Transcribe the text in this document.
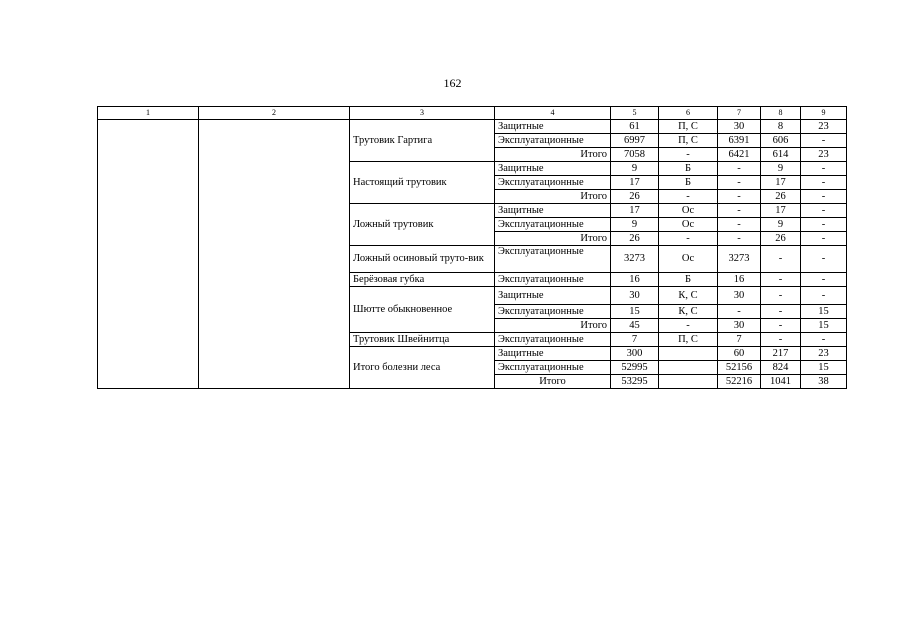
162
1	2	3	4	5	6	7	8	9
		Трутовик Гартига	Защитные	61	П, С	30	8	23
			Эксплуатационные	6997	П, С	6391	606	-
			Итого	7058	-	6421	614	23
		Настоящий трутовик	Защитные	9	Б	-	9	-
			Эксплуатационные	17	Б	-	17	-
			Итого	26	-	-	26	-
		Ложный трутовик	Защитные	17	Ос	-	17	-
			Эксплуатационные	9	Ос	-	9	-
			Итого	26	-	-	26	-
		Ложный осиновый труто-вик	Эксплуатационные	3273	Ос	3273	-	-
		Берёзовая губка	Эксплуатационные	16	Б	16	-	-
		Шютте обыкновенное	Защитные	30	К, С	30	-	-
			Эксплуатационные	15	К, С	-	-	15
			Итого	45	-	30	-	15
		Трутовик Швейнитца	Эксплуатационные	7	П, С	7	-	-
		Итого болезни леса	Защитные	300		60	217	23
			Эксплуатационные	52995		52156	824	15
			Итого	53295		52216	1041	38
